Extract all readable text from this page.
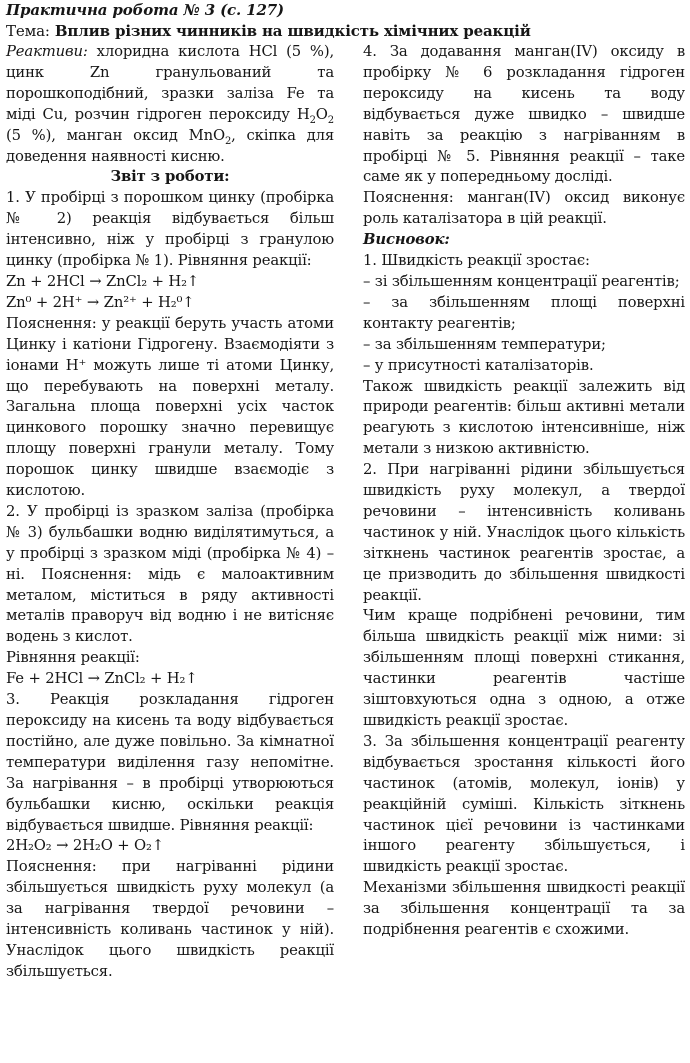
Практична робота № 3 (с. 127)
Тема: Вплив різних чинників на швидкість хімічних реакцій

Реактиви: хлоридна кислота HCl (5 %), цинк Zn гранульований та порошкоподібний, зразки заліза Fe та міді Cu, розчин гідроген пероксиду $H_2O_2$ (5 %), манган оксид MnO$_2$, скіпка для доведення наявності кисню.

Звіт з роботи:

1. У пробірці з порошком цинку (пробірка № 2) реакція відбувається більш інтенсивно, ніж у пробірці з гранулою цинку (пробірка № 1). Рівняння реакції:

Zn + 2HCl → ZnCl₂ + H₂↑

Zn⁰ + 2H⁺ → Zn²⁺ + H₂⁰↑

Пояснення: у реакції беруть участь атоми Цинку і катіони Гідрогену. Взаємодіяти з іонами H⁺ можуть лише ті атоми Цинку, що перебувають на поверхні металу. Загальна площа поверхні усіх часток цинкового порошку значно перевищує площу поверхні гранули металу. Тому порошок цинку швидше взаємодіє з кислотою.

2. У пробірці із зразком заліза (пробірка № 3) бульбашки водню виділятимуться, а у пробірці з зразком міді (пробірка № 4) – ні. Пояснення: мідь є малоактивним металом, міститься в ряду активності металів праворуч від водню і не витісняє водень з кислот.

Рівняння реакції:

Fe + 2HCl → ZnCl₂ + H₂↑

3. Реакція розкладання гідроген пероксиду на кисень та воду відбувається постійно, але дуже повільно. За кімнатної температури виділення газу непомітне. За нагрівання – в пробірці утворюються бульбашки кисню, оскільки реакція відбувається швидше. Рівняння реакції:

2H₂O₂ → 2H₂O + O₂↑

Пояснення: при нагріванні рідини збільшується швидкість руху молекул (а за нагрівання твердої речовини – інтенсивність коливань частинок у ній). Унаслідок цього швидкість реакції збільшується.

4. За додавання манган(IV) оксиду в пробірку № 6 розкладання гідроген пероксиду на кисень та воду відбувається дуже швидко – швидше навіть за реакцію з нагріванням в пробірці № 5. Рівняння реакції – таке саме як у попередньому досліді.

Пояснення: манган(IV) оксид виконує роль каталізатора в цій реакції.

Висновок:

1. Швидкість реакції зростає:

– зі збільшенням концентрації реагентів;

– за збільшенням площі поверхні контакту реагентів;

– за збільшенням температури;

– у присутності каталізаторів.

Також швидкість реакції залежить від природи реагентів: більш активні метали реагують з кислотою інтенсивніше, ніж метали з низкою активністю.

2. При нагріванні рідини збільшується швидкість руху молекул, а твердої речовини – інтенсивність коливань частинок у ній. Унаслідок цього кількість зіткнень частинок реагентів зростає, а це призводить до збільшення швидкості реакції.

Чим краще подрібнені речовини, тим більша швидкість реакції між ними: зі збільшенням площі поверхні стикання, частинки реагентів частіше зіштовхуються одна з одною, а отже швидкість реакції зростає.

3. За збільшення концентрації реагенту відбувається зростання кількості його частинок (атомів, молекул, іонів) у реакційній суміші. Кількість зіткнень частинок цієї речовини із частинками іншого реагенту збільшується, і швидкість реакції зростає.

Механізми збільшення швидкості реакції за збільшення концентрації та за подрібнення реагентів є схожими.
